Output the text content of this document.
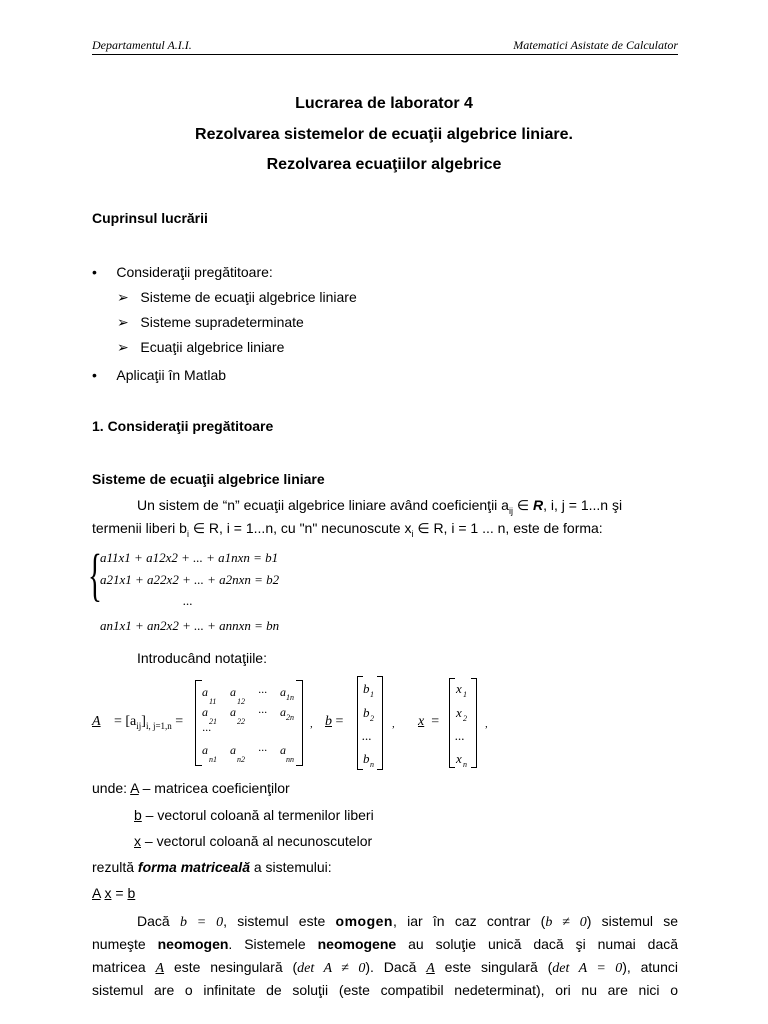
Departamentul A.I.I.	Matematici Asistate de Calculator
Lucrarea de laborator 4
Rezolvarea sistemelor de ecuaţii algebrice liniare.
Rezolvarea ecuaţiilor algebrice
Cuprinsul lucrării
•     Consideraţii pregătitoare:
➢   Sisteme de ecuaţii algebrice liniare
➢   Sisteme supradeterminate
➢   Ecuaţii algebrice liniare
•     Aplicaţii în Matlab
1. Consideraţii pregătitoare
Sisteme de ecuaţii algebrice liniare
Un sistem de “n” ecuaţii algebrice liniare având coeficienţii $a_{ij}$ ∈ R, i, j = 1...n şi
termenii liberi $b_i$ ∈ R, i = 1...n, cu "n" necunoscute $x_i$ ∈ R, i = 1 ... n, este de forma:
{
a11x1 + a12x2 + ... + a1nxn = b1
a21x1 + a22x2 + ... + a2nxn = b2
...
an1x1 + an2x2 + ... + annxn = bn
Introducând notaţiile:
$A = [a_{ij}]_{i, j=1,n}$ =
a
11
a
12
··· a 1n
a
21
a
22
··· a 2n
···
a
n1
a
n2
··· a
nn
, b =
b 1
b 2
...
b n
, x =
x 1
x 2
...
x n
,
unde: A – matricea coeficienţilor
b – vectorul coloană al termenilor liberi
x – vectorul coloană al necunoscutelor
rezultă forma matriceală a sistemului:
A x = b
Dacă b = 0, sistemul este omogen, iar în caz contrar (b ≠ 0) sistemul se
numeşte neomogen. Sistemele neomogene au soluţie unică dacă şi numai dacă
matricea A este nesingulară (det A ≠ 0). Dacă A este singulară (det A = 0), atunci
sistemul are o infinitate de soluţii (este compatibil nedeterminat), ori nu are nici o
